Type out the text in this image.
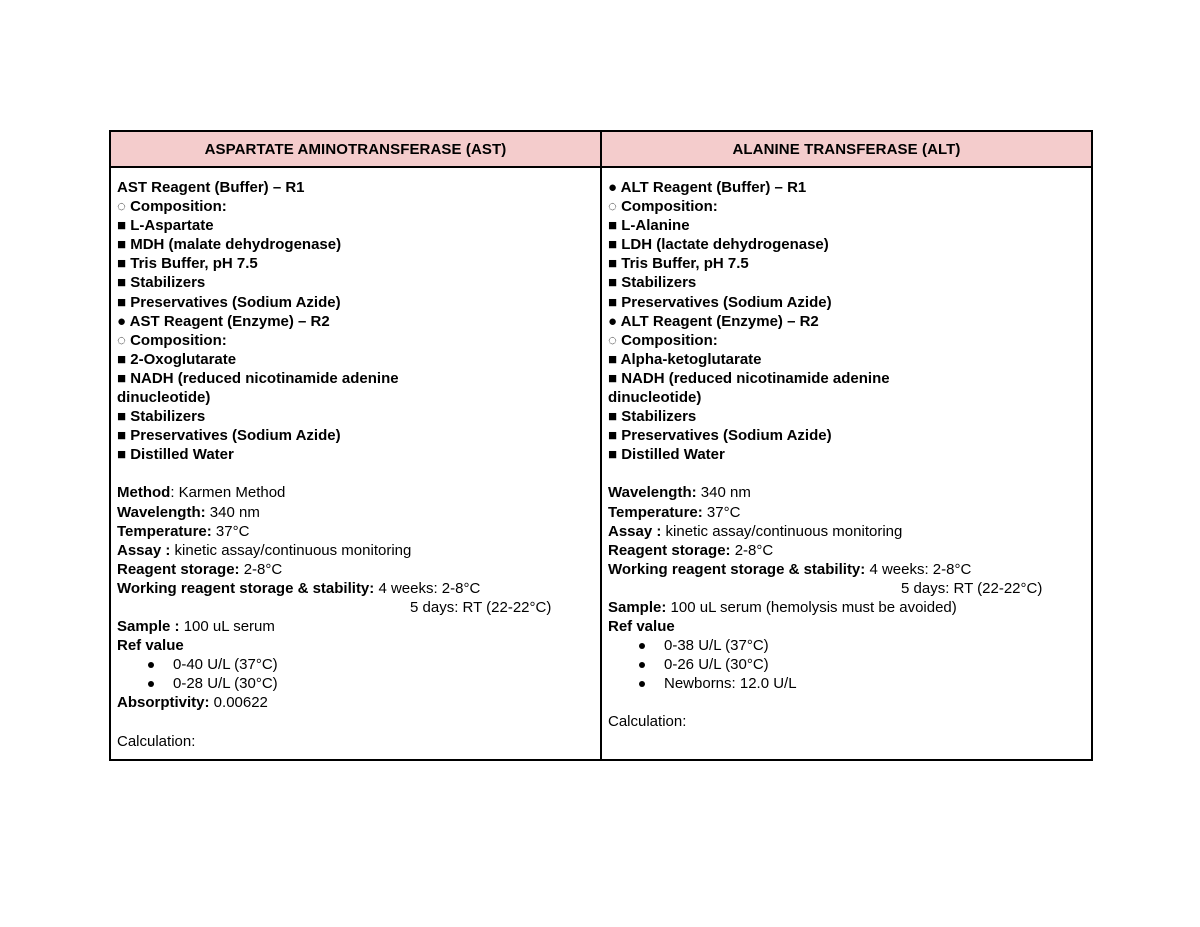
ASPARTATE AMINOTRANSFERASE (AST)	ALANINE TRANSFERASE (ALT)
AST Reagent (Buffer) – R1
◌ Composition:
■ L-Aspartate
■ MDH (malate dehydrogenase)
■ Tris Buffer, pH 7.5
■ Stabilizers
■ Preservatives (Sodium Azide)
● AST Reagent (Enzyme) – R2
◌ Composition:
■ 2-Oxoglutarate
■ NADH (reduced nicotinamide adenine
dinucleotide)
■ Stabilizers
■ Preservatives (Sodium Azide)
■ Distilled Water
Method: Karmen Method
Wavelength: 340 nm
Temperature: 37°C
Assay : kinetic assay/continuous monitoring
Reagent storage: 2-8°C
Working reagent storage & stability: 4 weeks: 2-8°C
5 days: RT (22-22°C)
Sample : 100 uL serum
Ref value
0-40 U/L (37°C)
0-28 U/L (30°C)
Absorptivity: 0.00622
Calculation:
● ALT Reagent (Buffer) – R1
◌ Composition:
■ L-Alanine
■ LDH (lactate dehydrogenase)
■ Tris Buffer, pH 7.5
■ Stabilizers
■ Preservatives (Sodium Azide)
● ALT Reagent (Enzyme) – R2
◌ Composition:
■ Alpha-ketoglutarate
■ NADH (reduced nicotinamide adenine
dinucleotide)
■ Stabilizers
■ Preservatives (Sodium Azide)
■ Distilled Water
Wavelength: 340 nm
Temperature: 37°C
Assay : kinetic assay/continuous monitoring
Reagent storage: 2-8°C
Working reagent storage & stability: 4 weeks: 2-8°C
5 days: RT (22-22°C)
Sample: 100 uL serum (hemolysis must be avoided)
Ref value
0-38 U/L (37°C)
0-26 U/L (30°C)
Newborns: 12.0 U/L
Calculation:
